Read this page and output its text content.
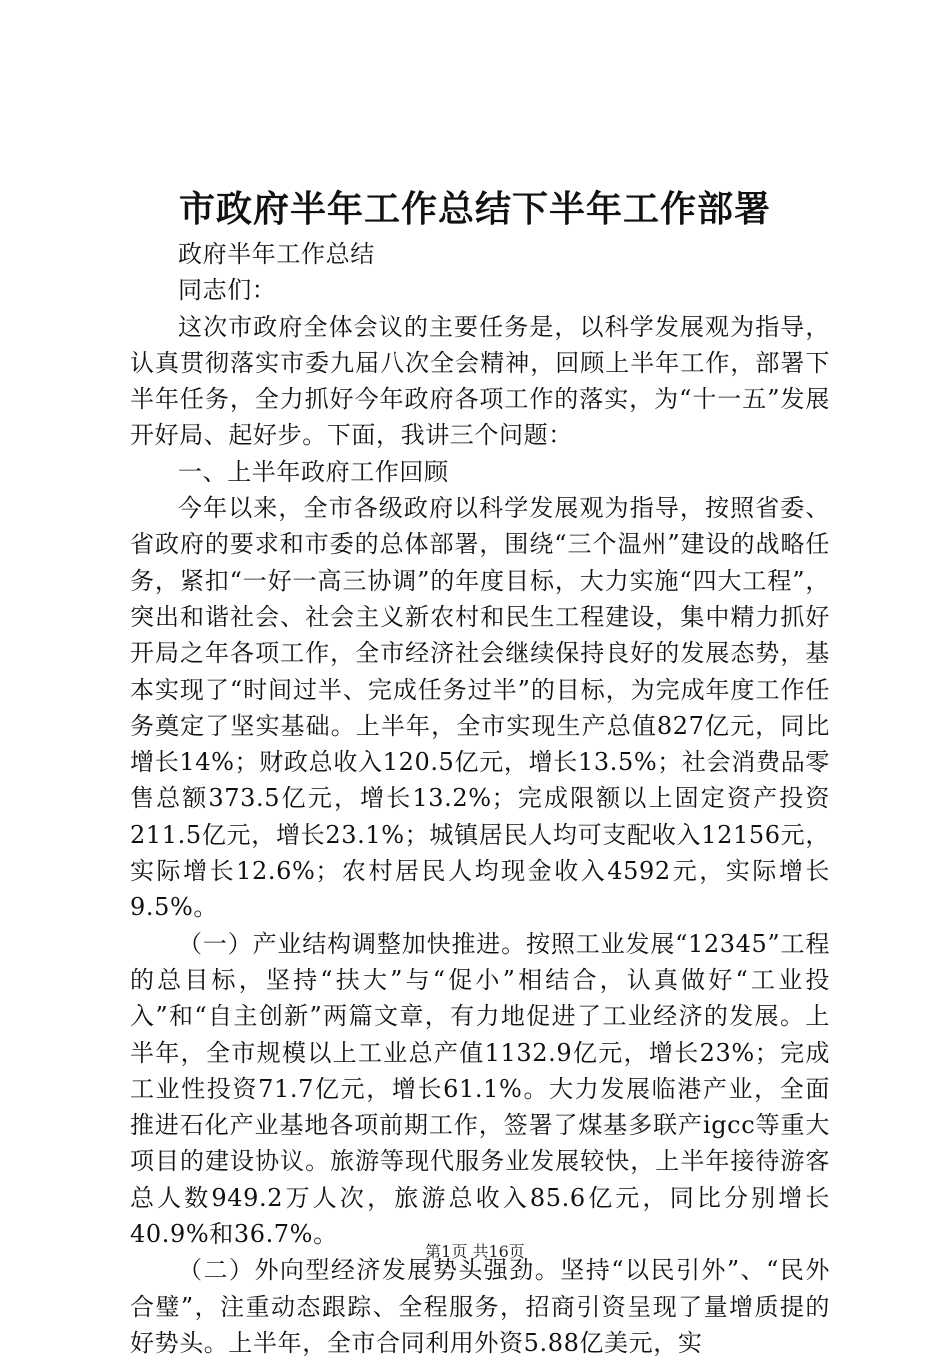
市政府半年工作总结下半年工作部署

政府半年工作总结

同志们：

这次市政府全体会议的主要任务是，以科学发展观为指导，认真贯彻落实市委九届八次全会精神，回顾上半年工作，部署下半年任务，全力抓好今年政府各项工作的落实，为“十一五”发展开好局、起好步。下面，我讲三个问题：

一、上半年政府工作回顾

今年以来，全市各级政府以科学发展观为指导，按照省委、省政府的要求和市委的总体部署，围绕“三个温州”建设的战略任务，紧扣“一好一高三协调”的年度目标，大力实施“四大工程”，突出和谐社会、社会主义新农村和民生工程建设，集中精力抓好开局之年各项工作，全市经济社会继续保持良好的发展态势，基本实现了“时间过半、完成任务过半”的目标，为完成年度工作任务奠定了坚实基础。上半年，全市实现生产总值827亿元，同比增长14%；财政总收入120.5亿元，增长13.5%；社会消费品零售总额373.5亿元，增长13.2%；完成限额以上固定资产投资211.5亿元，增长23.1%；城镇居民人均可支配收入12156元，实际增长12.6%；农村居民人均现金收入4592元，实际增长9.5%。

（一）产业结构调整加快推进。按照工业发展“12345”工程的总目标，坚持“扶大”与“促小”相结合，认真做好“工业投入”和“自主创新”两篇文章，有力地促进了工业经济的发展。上半年，全市规模以上工业总产值1132.9亿元，增长23%；完成工业性投资71.7亿元，增长61.1%。大力发展临港产业，全面推进石化产业基地各项前期工作，签署了煤基多联产igcc等重大项目的建设协议。旅游等现代服务业发展较快，上半年接待游客总人数949.2万人次，旅游总收入85.6亿元，同比分别增长40.9%和36.7%。

（二）外向型经济发展势头强劲。坚持“以民引外”、“民外合璧”，注重动态跟踪、全程服务，招商引资呈现了量增质提的好势头。上半年，全市合同利用外资5.88亿美元，实

第1页 共16页
